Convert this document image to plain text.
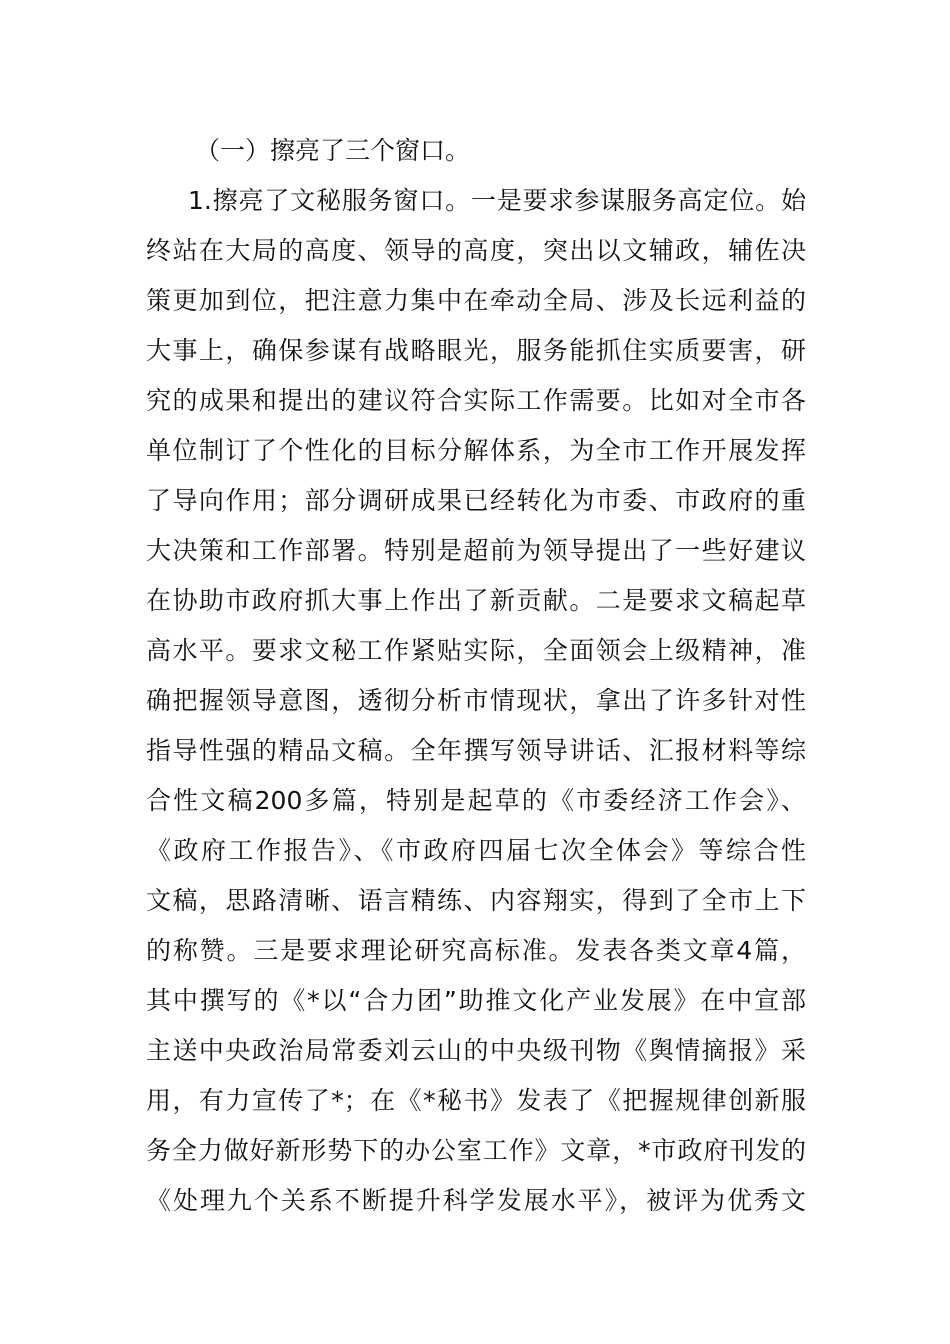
（一）擦亮了三个窗口。
1.擦亮了文秘服务窗口。一是要求参谋服务高定位。始
终站在大局的高度、领导的高度，突出以文辅政，辅佐决
策更加到位，把注意力集中在牵动全局、涉及长远利益的
大事上，确保参谋有战略眼光，服务能抓住实质要害，研
究的成果和提出的建议符合实际工作需要。比如对全市各
单位制订了个性化的目标分解体系，为全市工作开展发挥
了导向作用；部分调研成果已经转化为市委、市政府的重
大决策和工作部署。特别是超前为领导提出了一些好建议
在协助市政府抓大事上作出了新贡献。二是要求文稿起草
高水平。要求文秘工作紧贴实际，全面领会上级精神，准
确把握领导意图，透彻分析市情现状，拿出了许多针对性
指导性强的精品文稿。全年撰写领导讲话、汇报材料等综
合性文稿200多篇，特别是起草的《市委经济工作会》、
《政府工作报告》、《市政府四届七次全体会》等综合性
文稿，思路清晰、语言精练、内容翔实，得到了全市上下
的称赞。三是要求理论研究高标准。发表各类文章4篇，
其中撰写的《*以“合力团”助推文化产业发展》在中宣部
主送中央政治局常委刘云山的中央级刊物《舆情摘报》采
用，有力宣传了*；在《*秘书》发表了《把握规律创新服
务全力做好新形势下的办公室工作》文章，*市政府刊发的
《处理九个关系不断提升科学发展水平》，被评为优秀文
